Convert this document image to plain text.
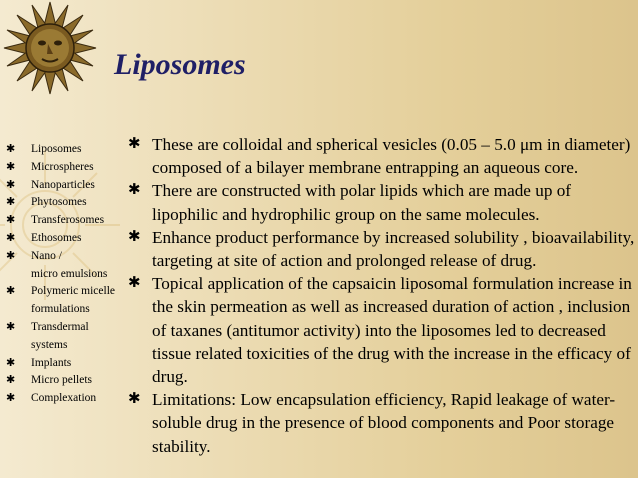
Liposomes
✱ Liposomes
✱ Microspheres
✱ Nanoparticles
✱ Phytosomes
✱ Transferosomes
✱ Ethosomes
✱ Nano /
micro emulsions
✱ Polymeric micelle formulations
✱ Transdermal
systems
✱ Implants
✱ Micro pellets
✱ Complexation
✱ These are colloidal and spherical vesicles (0.05 – 5.0 μm in diameter) composed of a bilayer membrane entrapping an aqueous core.
✱ There are constructed with polar lipids which are made up of lipophilic and hydrophilic group on the same molecules.
✱ Enhance product performance by increased solubility , bioavailability, targeting at site of action and prolonged release of drug.
✱ Topical application of the capsaicin liposomal formulation increase in the skin permeation as well as increased duration of action , inclusion of taxanes (antitumor activity) into the liposomes led to decreased tissue related toxicities of the drug with the increase in the efficacy of drug.
✱ Limitations: Low encapsulation efficiency, Rapid leakage of water-soluble drug in the presence of blood components and Poor storage stability.
